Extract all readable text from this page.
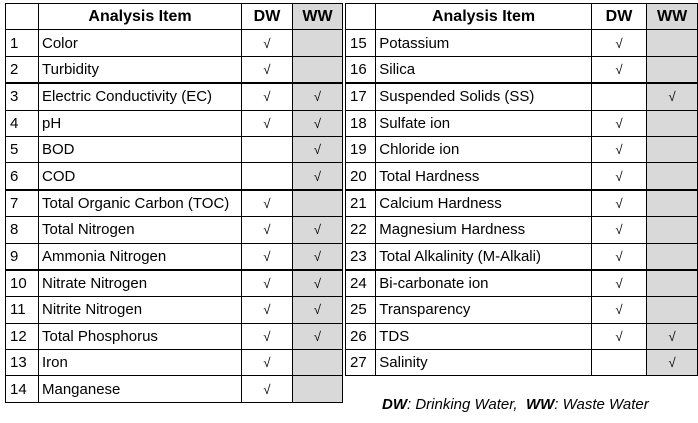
	Analysis Item	DW	WW
1	Color	√	
2	Turbidity	√	
3	Electric Conductivity (EC)	√	√
4	pH	√	√
5	BOD		√
6	COD		√
7	Total Organic Carbon (TOC)	√	
8	Total Nitrogen	√	√
9	Ammonia Nitrogen	√	√
10	Nitrate Nitrogen	√	√
11	Nitrite Nitrogen	√	√
12	Total Phosphorus	√	√
13	Iron	√	
14	Manganese	√	
	Analysis Item	DW	WW
15	Potassium	√	
16	Silica	√	
17	Suspended Solids (SS)		√
18	Sulfate ion	√	
19	Chloride ion	√	
20	Total Hardness	√	
21	Calcium Hardness	√	
22	Magnesium Hardness	√	
23	Total Alkalinity (M-Alkali)	√	
24	Bi-carbonate ion	√	
25	Transparency	√	
26	TDS	√	√
27	Salinity		√
DW: Drinking Water, WW: Waste Water
